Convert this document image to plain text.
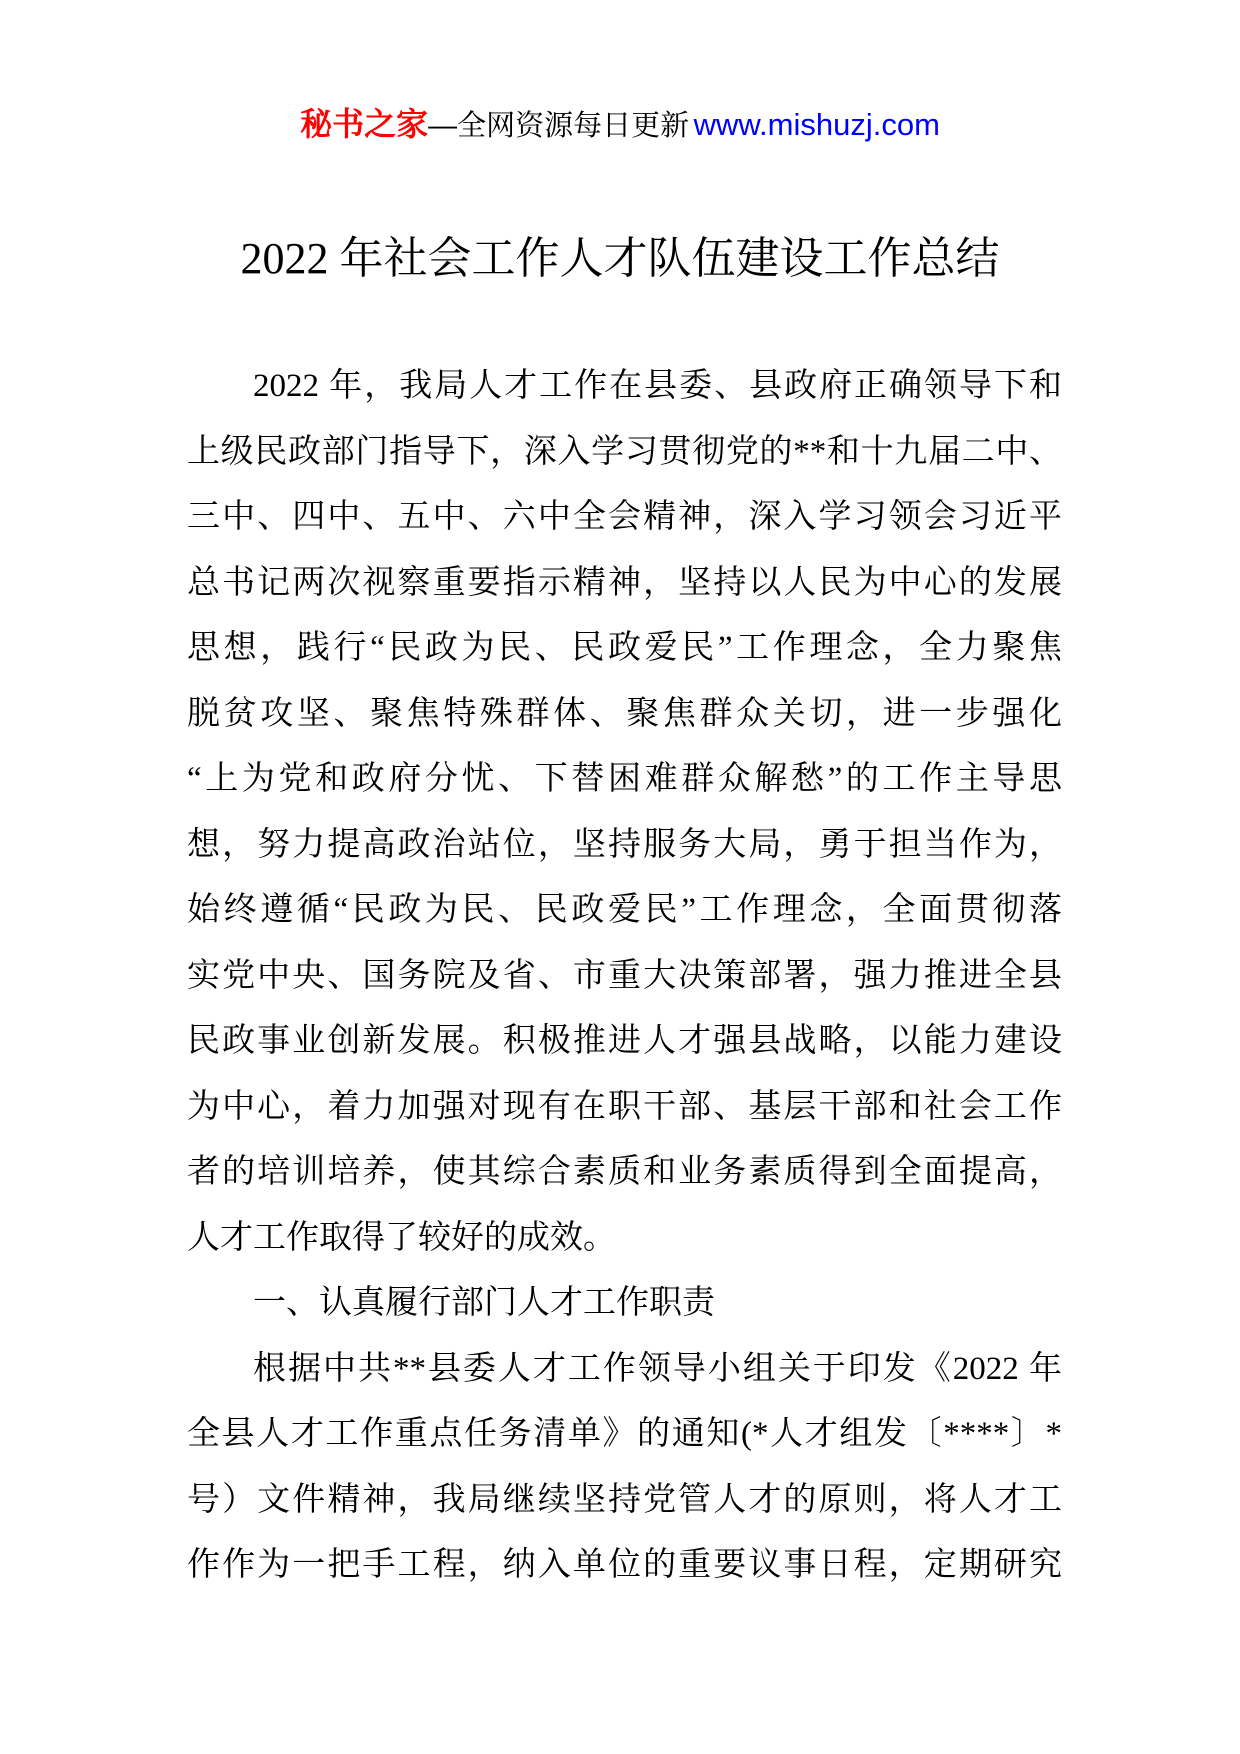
秘书之家—全网资源每日更新 www.mishuzj.com
2022 年社会工作人才队伍建设工作总结
2022 年，我局人才工作在县委、县政府正确领导下和
上级民政部门指导下，深入学习贯彻党的**和十九届二中、
三中、四中、五中、六中全会精神，深入学习领会习近平
总书记两次视察重要指示精神，坚持以人民为中心的发展
思想，践行“民政为民、民政爱民”工作理念，全力聚焦
脱贫攻坚、聚焦特殊群体、聚焦群众关切，进一步强化
“上为党和政府分忧、下替困难群众解愁”的工作主导思
想，努力提高政治站位，坚持服务大局，勇于担当作为，
始终遵循“民政为民、民政爱民”工作理念，全面贯彻落
实党中央、国务院及省、市重大决策部署，强力推进全县
民政事业创新发展。积极推进人才强县战略，以能力建设
为中心，着力加强对现有在职干部、基层干部和社会工作
者的培训培养，使其综合素质和业务素质得到全面提高，
人才工作取得了较好的成效。
一、认真履行部门人才工作职责
根据中共**县委人才工作领导小组关于印发《2022 年
全县人才工作重点任务清单》的通知(*人才组发〔****〕*
号）文件精神，我局继续坚持党管人才的原则，将人才工
作作为一把手工程，纳入单位的重要议事日程，定期研究
